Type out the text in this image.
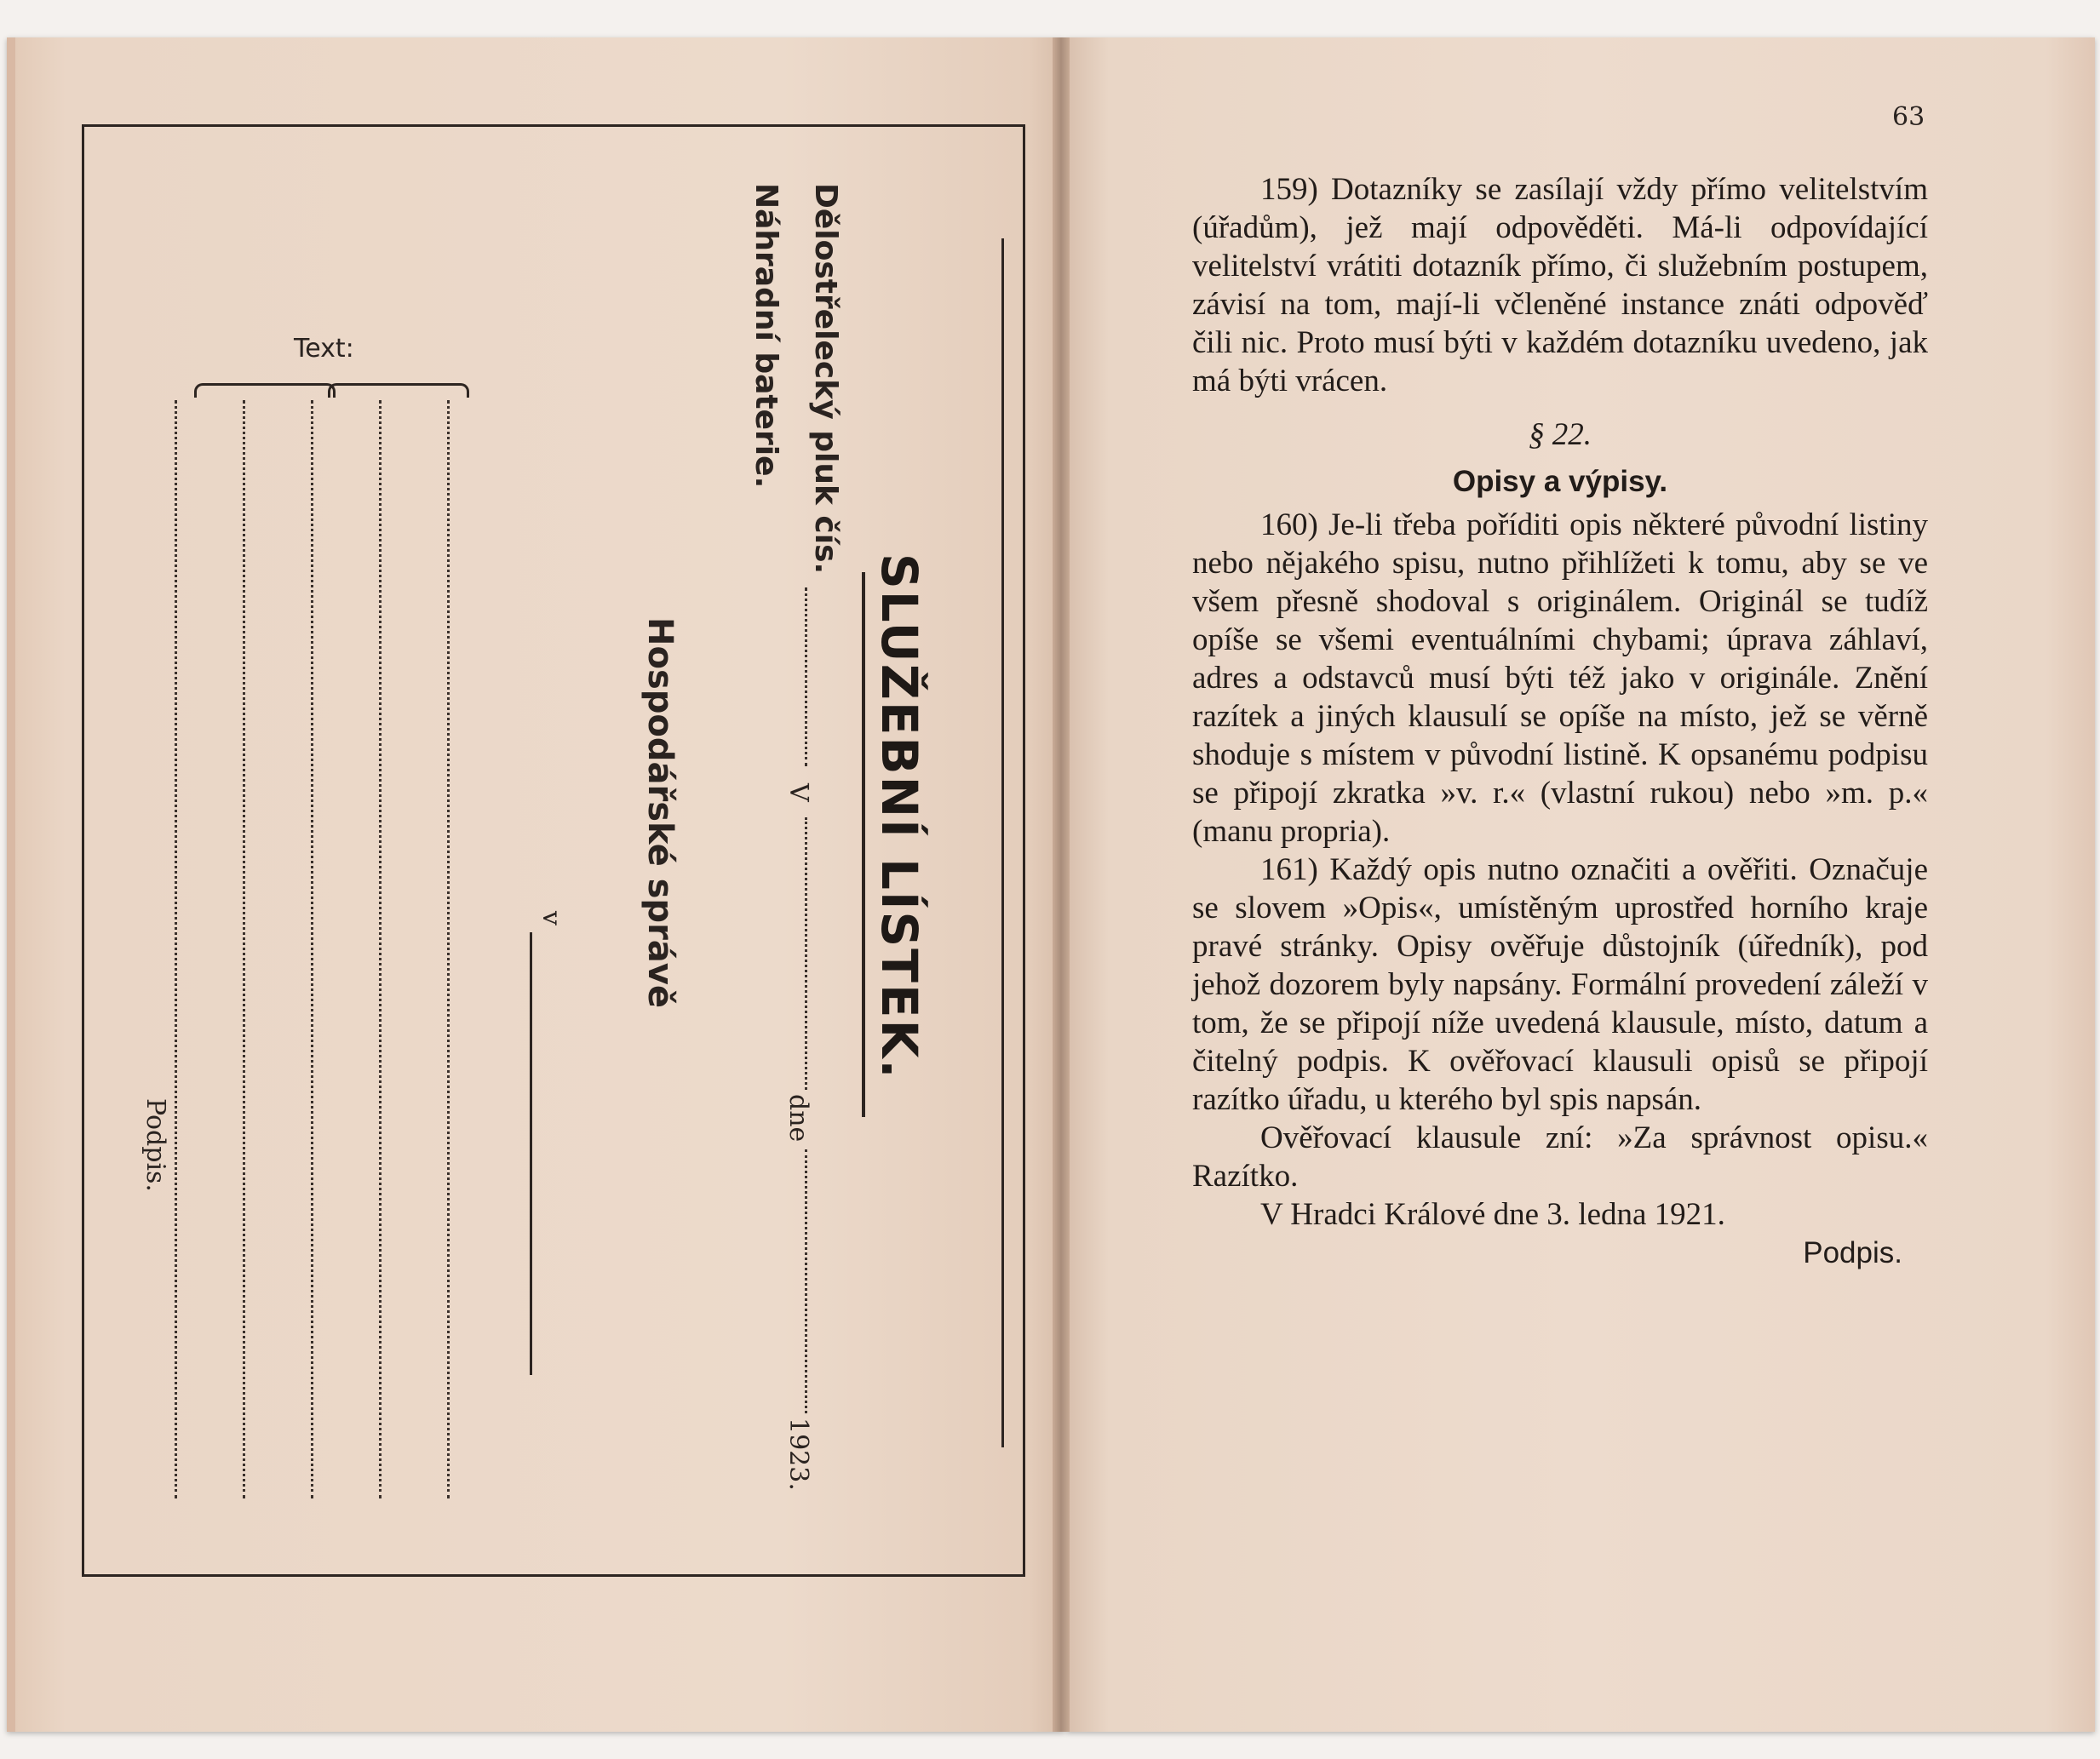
SLUŽEBNÍ LÍSTEK.
Dělostřelecký pluk čís.
V
dne
1923.
Náhradní baterie.
Hospodářské správě
v
Podpis.
Text:
63

159) Dotazníky se zasílají vždy přímo velitelstvím (úřadům), jež mají odpověděti. Má-li odpovídající velitelství vrátiti dotazník přímo, či služebním postupem, závisí na tom, mají-li včleněné instance znáti odpověď čili nic. Proto musí býti v každém dotazníku uvedeno, jak má býti vrácen.

§ 22.

Opisy a výpisy.

160) Je-li třeba poříditi opis některé původní listiny nebo nějakého spisu, nutno přihlížeti k tomu, aby se ve všem přesně shodoval s originálem. Originál se tudíž opíše se všemi eventuálními chybami; úprava záhlaví, adres a odstavců musí býti též jako v originále. Znění razítek a jiných klausulí se opíše na místo, jež se věrně shoduje s místem v původní listině. K opsanému podpisu se připojí zkratka »v. r.« (vlastní rukou) nebo »m. p.« (manu propria).

161) Každý opis nutno označiti a ověřiti. Označuje se slovem »Opis«, umístěným uprostřed horního kraje pravé stránky. Opisy ověřuje důstojník (úředník), pod jehož dozorem byly napsány. Formální provedení záleží v tom, že se připojí níže uvedená klausule, místo, datum a čitelný podpis. K ověřovací klausuli opisů se připojí razítko úřadu, u kterého byl spis napsán.

Ověřovací klausule zní: »Za správnost opisu.« Razítko.

V Hradci Králové dne 3. ledna 1921.

Podpis.
